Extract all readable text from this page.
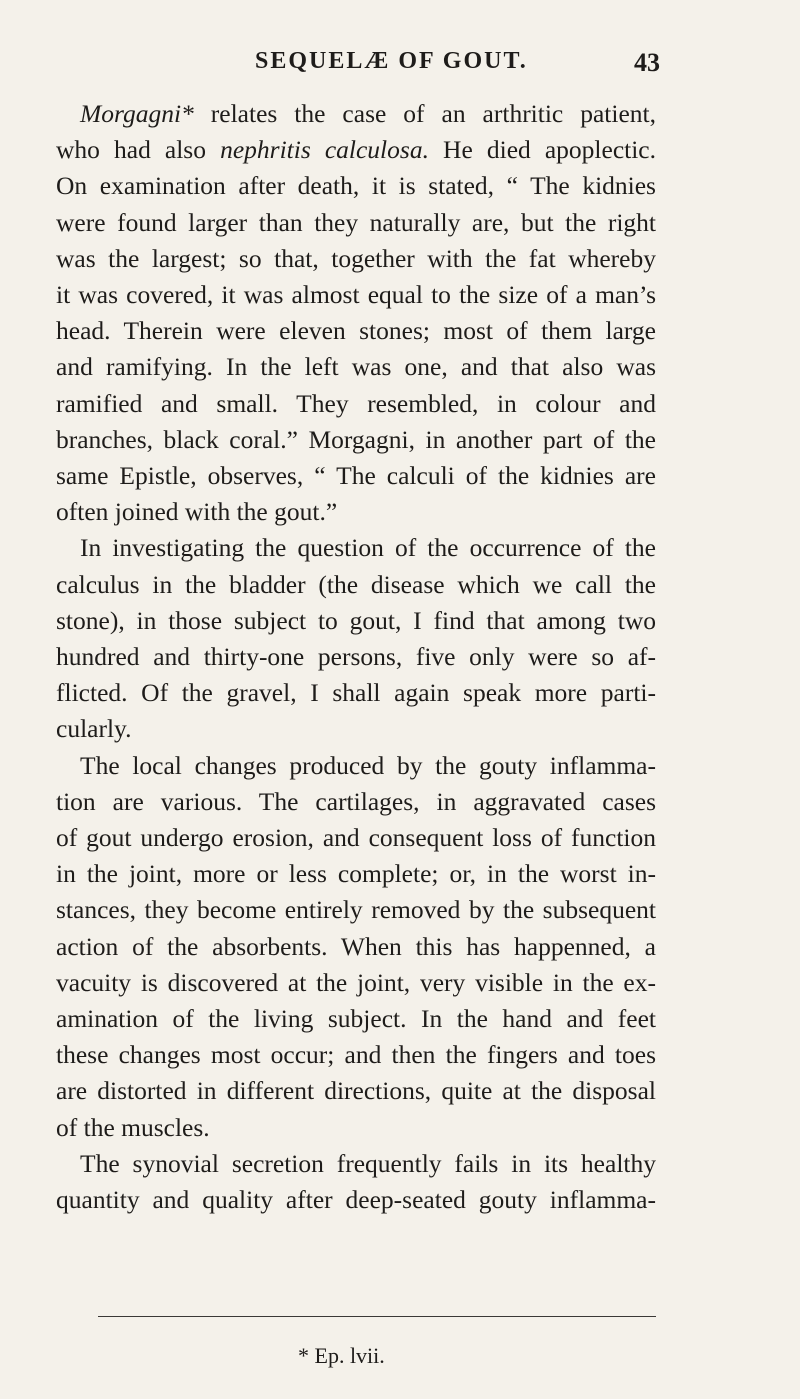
SEQUELÆ OF GOUT.	43
Morgagni* relates the case of an arthritic patient,
who had also nephritis calculosa. He died apoplectic.
On examination after death, it is stated, “ The kidnies
were found larger than they naturally are, but the right
was the largest; so that, together with the fat whereby
it was covered, it was almost equal to the size of a man’s
head. Therein were eleven stones; most of them large
and ramifying. In the left was one, and that also was
ramified and small. They resembled, in colour and
branches, black coral.” Morgagni, in another part of the
same Epistle, observes, “ The calculi of the kidnies are
often joined with the gout.”
In investigating the question of the occurrence of the
calculus in the bladder (the disease which we call the
stone), in those subject to gout, I find that among two
hundred and thirty-one persons, five only were so af-
flicted. Of the gravel, I shall again speak more parti-
cularly.
The local changes produced by the gouty inflamma-
tion are various. The cartilages, in aggravated cases
of gout undergo erosion, and consequent loss of function
in the joint, more or less complete; or, in the worst in-
stances, they become entirely removed by the subsequent
action of the absorbents. When this has happenned, a
vacuity is discovered at the joint, very visible in the ex-
amination of the living subject. In the hand and feet
these changes most occur; and then the fingers and toes
are distorted in different directions, quite at the disposal
of the muscles.
The synovial secretion frequently fails in its healthy
quantity and quality after deep-seated gouty inflamma-
* Ep. lvii.
